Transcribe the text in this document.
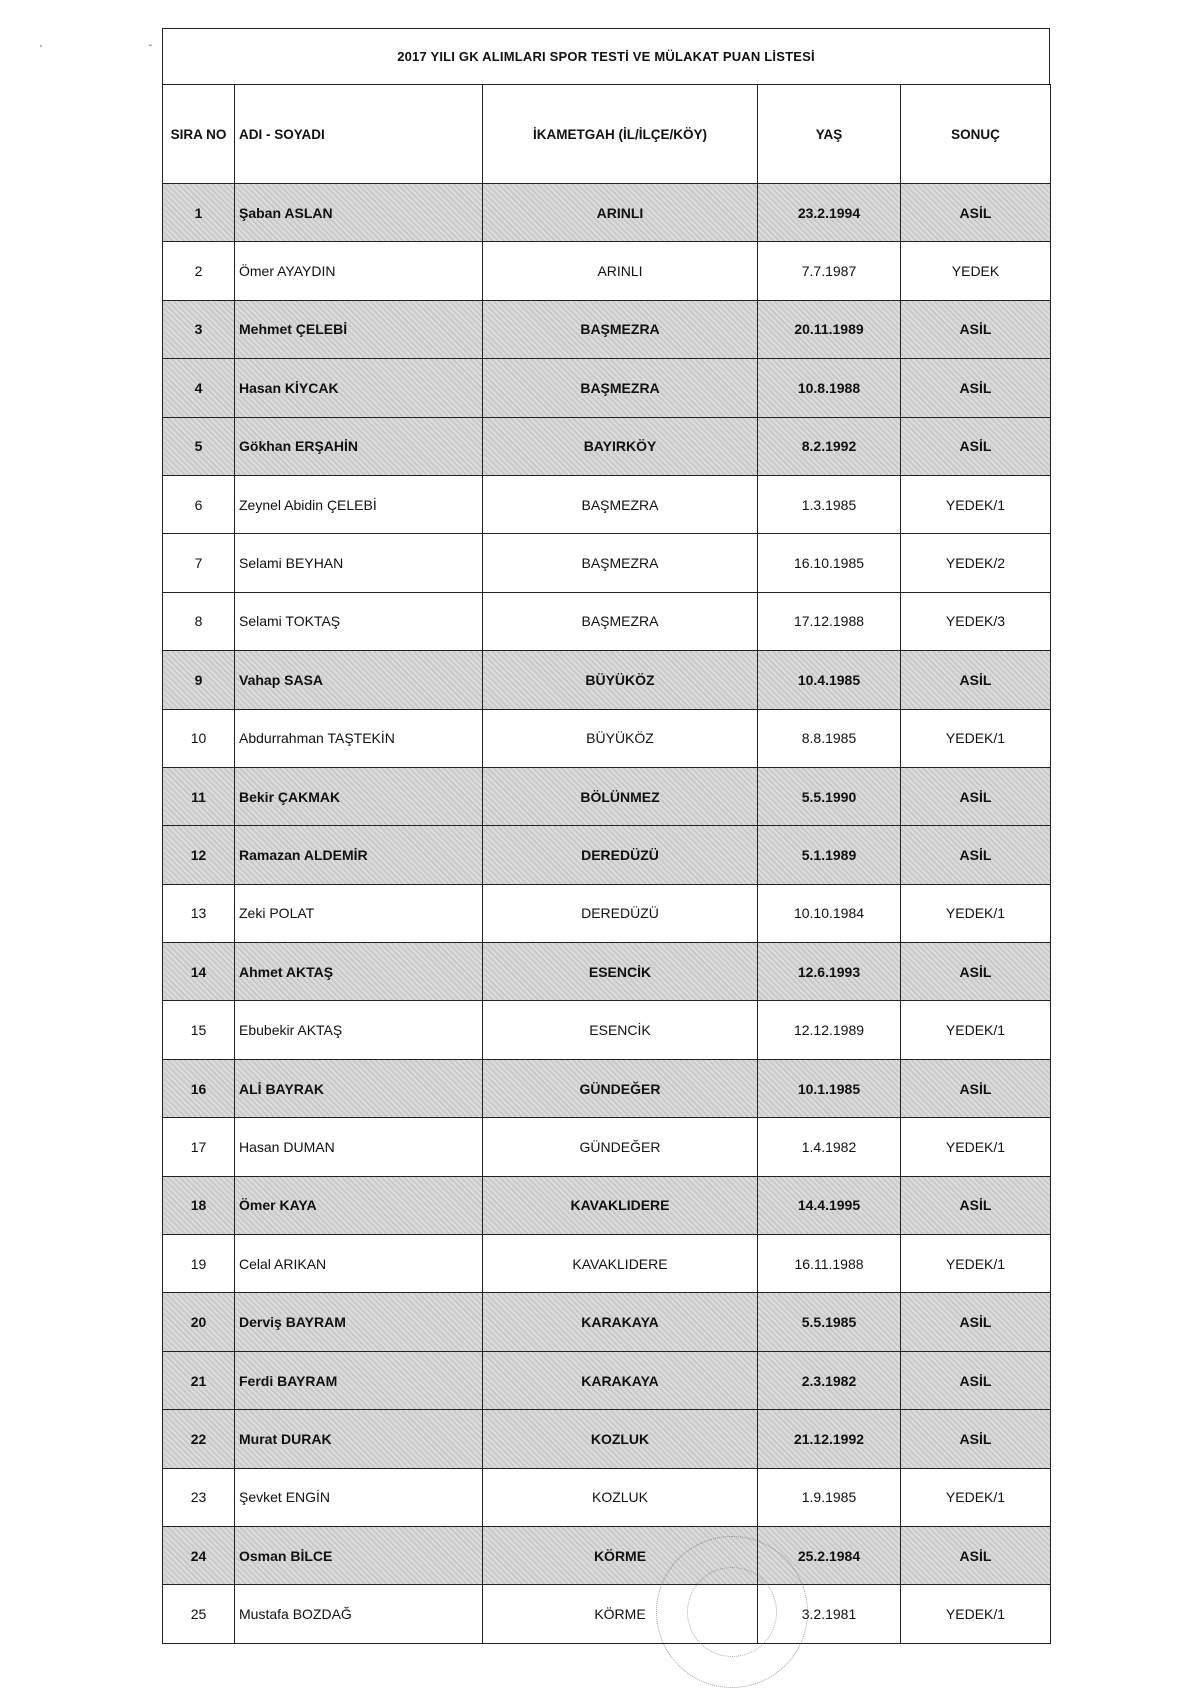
' ˇ	2017 YILI GK ALIMLARI SPOR TESTİ VE MÜLAKAT PUAN LİSTESİ
SIRA NO	ADI - SOYADI	İKAMETGAH (İL/İLÇE/KÖY)	YAŞ	SONUÇ
1	Şaban ASLAN	ARINLI	23.2.1994	ASİL
2	Ömer AYAYDIN	ARINLI	7.7.1987	YEDEK
3	Mehmet ÇELEBİ	BAŞMEZRA	20.11.1989	ASİL
4	Hasan KİYCAK	BAŞMEZRA	10.8.1988	ASİL
5	Gökhan ERŞAHİN	BAYIRKÖY	8.2.1992	ASİL
6	Zeynel Abidin ÇELEBİ	BAŞMEZRA	1.3.1985	YEDEK/1
7	Selami BEYHAN	BAŞMEZRA	16.10.1985	YEDEK/2
8	Selami TOKTAŞ	BAŞMEZRA	17.12.1988	YEDEK/3
9	Vahap SASA	BÜYÜKÖZ	10.4.1985	ASİL
10	Abdurrahman TAŞTEKİN	BÜYÜKÖZ	8.8.1985	YEDEK/1
11	Bekir ÇAKMAK	BÖLÜNMEZ	5.5.1990	ASİL
12	Ramazan ALDEMİR	DEREDÜZÜ	5.1.1989	ASİL
13	Zeki POLAT	DEREDÜZÜ	10.10.1984	YEDEK/1
14	Ahmet AKTAŞ	ESENCİK	12.6.1993	ASİL
15	Ebubekir AKTAŞ	ESENCİK	12.12.1989	YEDEK/1
16	ALİ BAYRAK	GÜNDEĞER	10.1.1985	ASİL
17	Hasan DUMAN	GÜNDEĞER	1.4.1982	YEDEK/1
18	Ömer KAYA	KAVAKLIDERE	14.4.1995	ASİL
19	Celal ARIKAN	KAVAKLIDERE	16.11.1988	YEDEK/1
20	Derviş BAYRAM	KARAKAYA	5.5.1985	ASİL
21	Ferdi BAYRAM	KARAKAYA	2.3.1982	ASİL
22	Murat DURAK	KOZLUK	21.12.1992	ASİL
23	Şevket ENGİN	KOZLUK	1.9.1985	YEDEK/1
24	Osman BİLCE	KÖRME	25.2.1984	ASİL
25	Mustafa BOZDAĞ	KÖRME	3.2.1981	YEDEK/1
